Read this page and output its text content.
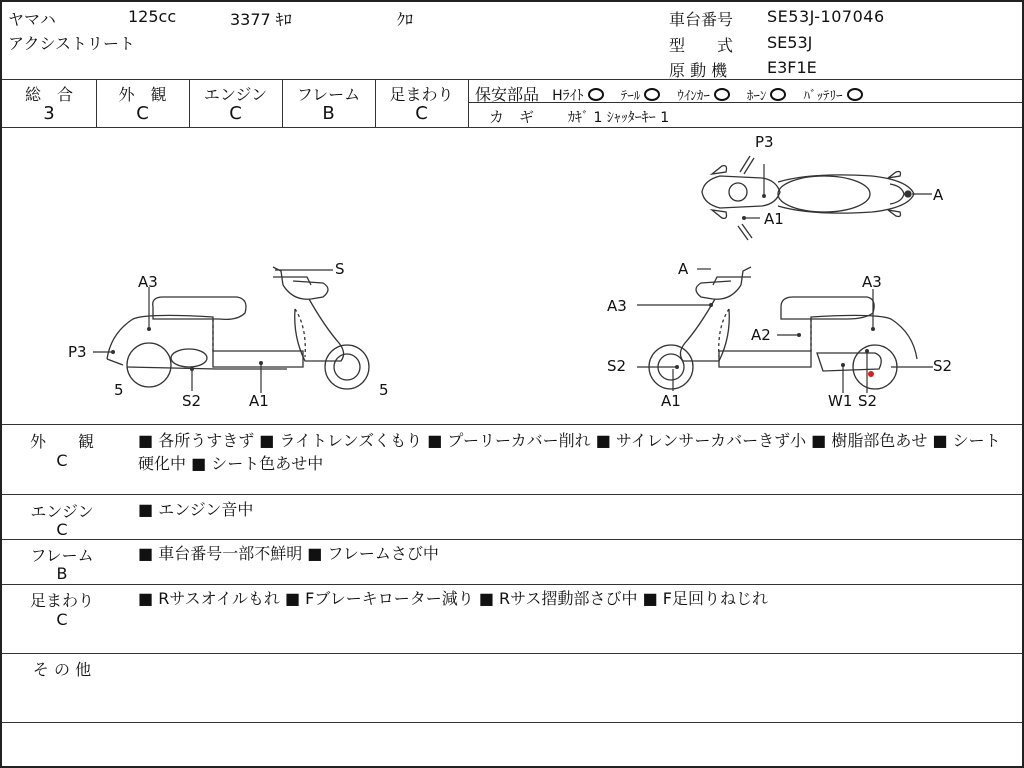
ヤマハ	125cc	3377 ｷﾛ	ｸﾛ
アクシストリート
車台番号 SE53J-107046
型　　式 SE53J
原 動 機 E3F1E
総　合	外　観	エンジン	フレーム	足まわり
3	C	C	B	C
保安部品 Hﾗｲﾄ	ﾃｰﾙ	ｳｲﾝｶｰ	ﾎｰﾝ	ﾊﾞｯﾃﾘｰ
カ　ギ ｶｷﾞ 1 ｼｬｯﾀｰｷｰ 1
P3
A
A1
S
A3
P3
5
S2	A1
5
A
A3
A3
A2
S2	S2
A1	W1 S2
外　　観
C
■ 各所うすきず ■ ライトレンズくもり ■ プーリーカバー削れ ■ サイレンサーカバーきず小 ■ 樹脂部色あせ ■ シート硬化中 ■ シート色あせ中
エンジン
C
■ エンジン音中
フレーム
B
■ 車台番号一部不鮮明 ■ フレームさび中
足まわり
C
■ Rサスオイルもれ ■ Fブレーキローター減り ■ Rサス摺動部さび中 ■ F足回りねじれ
そ の 他
